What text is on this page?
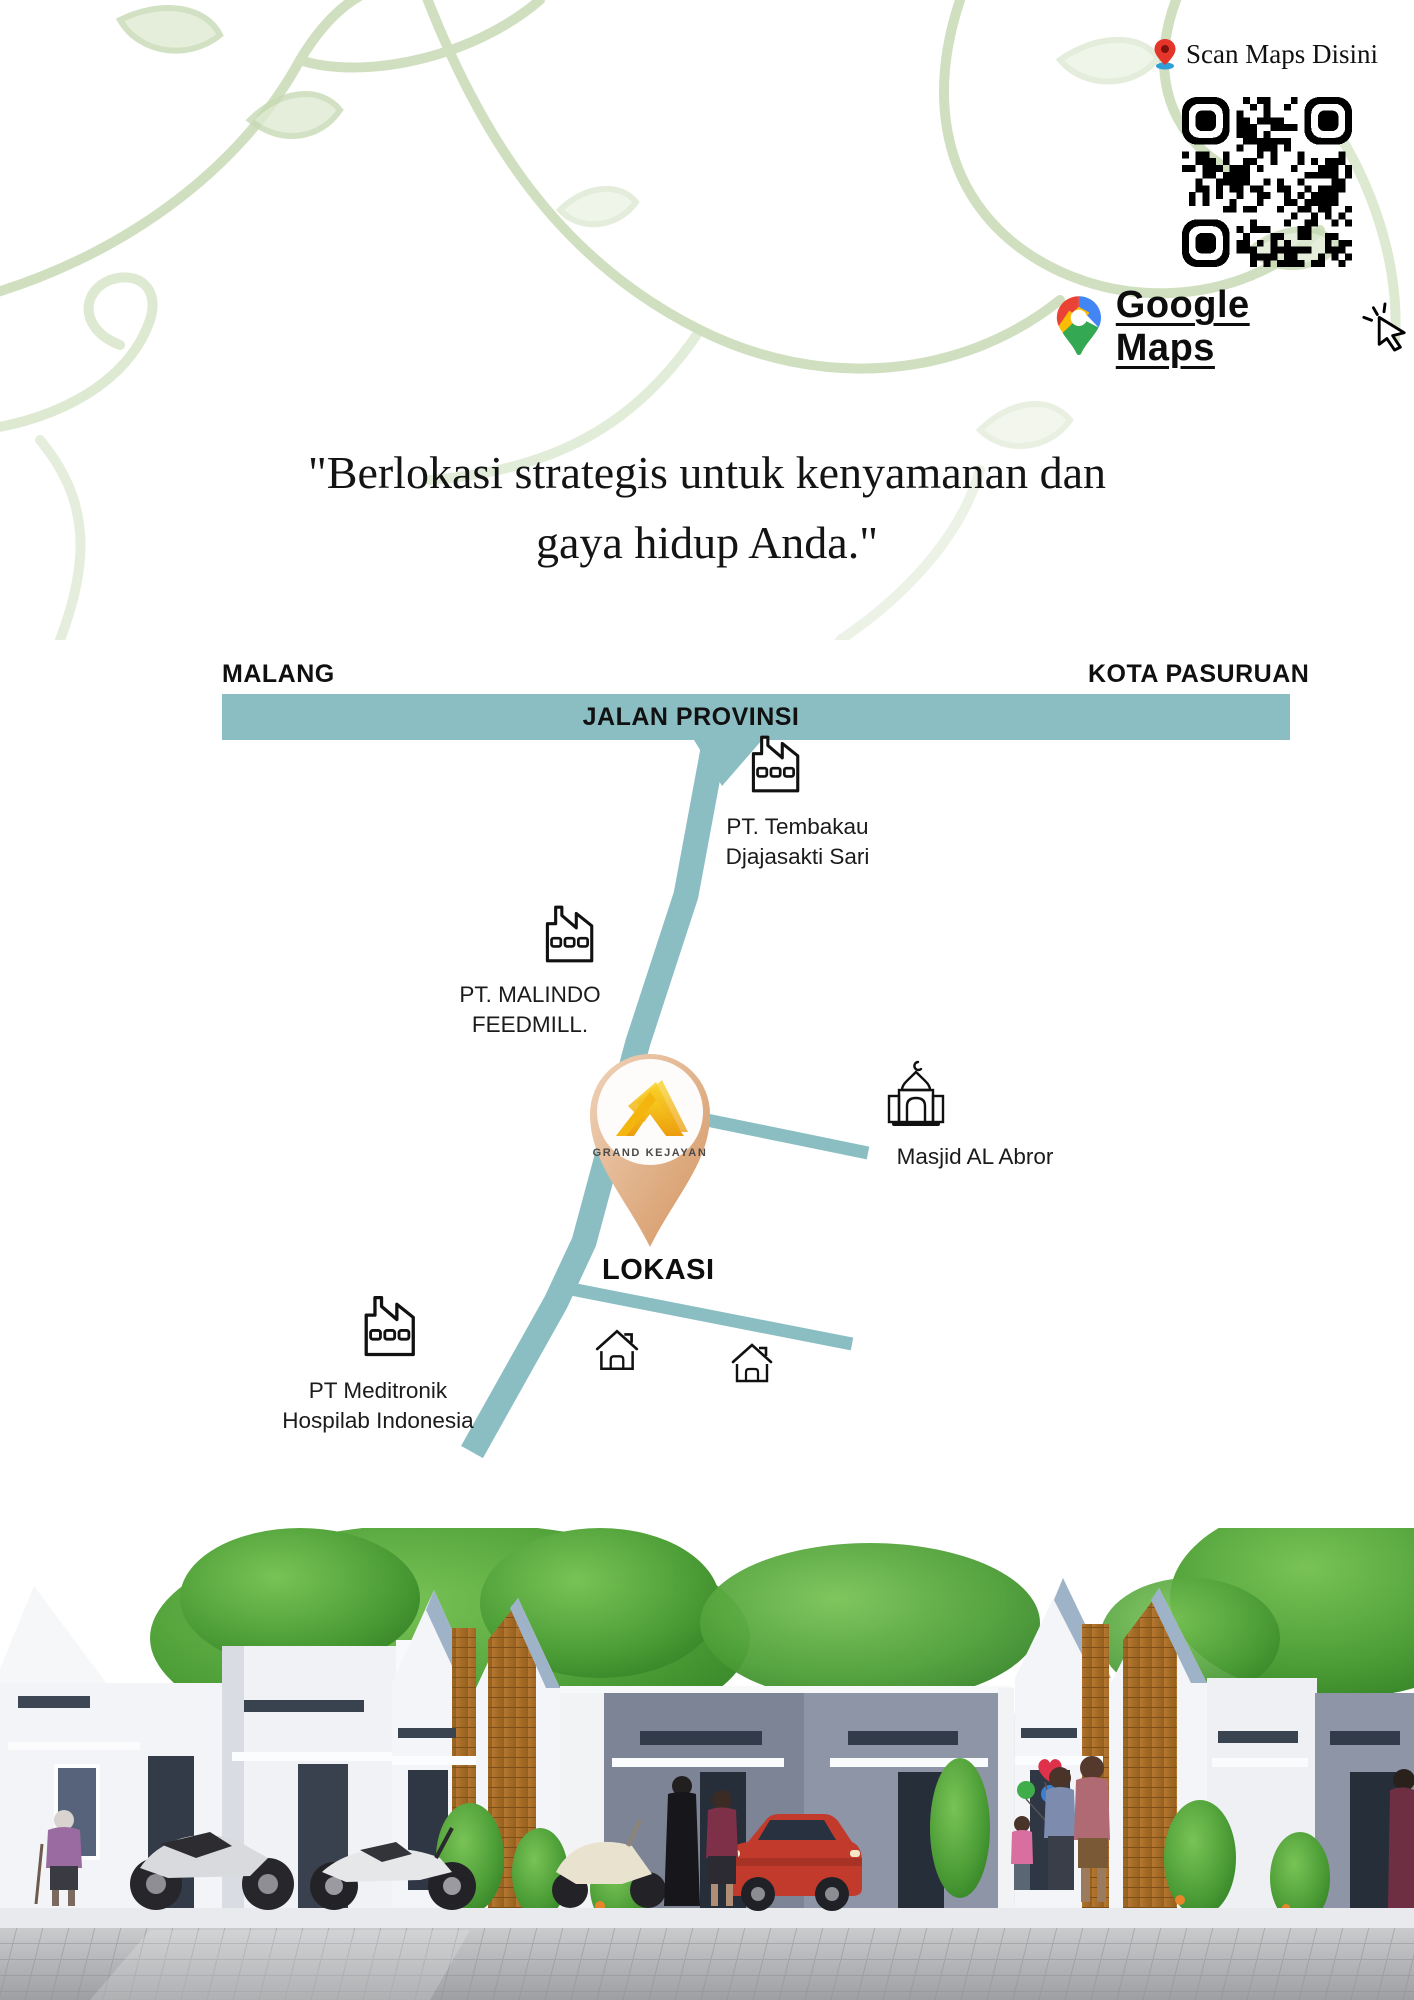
Scan Maps Disini
Google Maps
"Berlokasi strategis untuk kenyamanan dan
gaya hidup Anda."
MALANG	KOTA PASURUAN
JALAN PROVINSI
PT. Tembakau
Djajasakti Sari
PT. MALINDO
FEEDMILL.
Masjid AL Abror
PT Meditronik
Hospilab Indonesia
GRAND KEJAYAN
LOKASI
